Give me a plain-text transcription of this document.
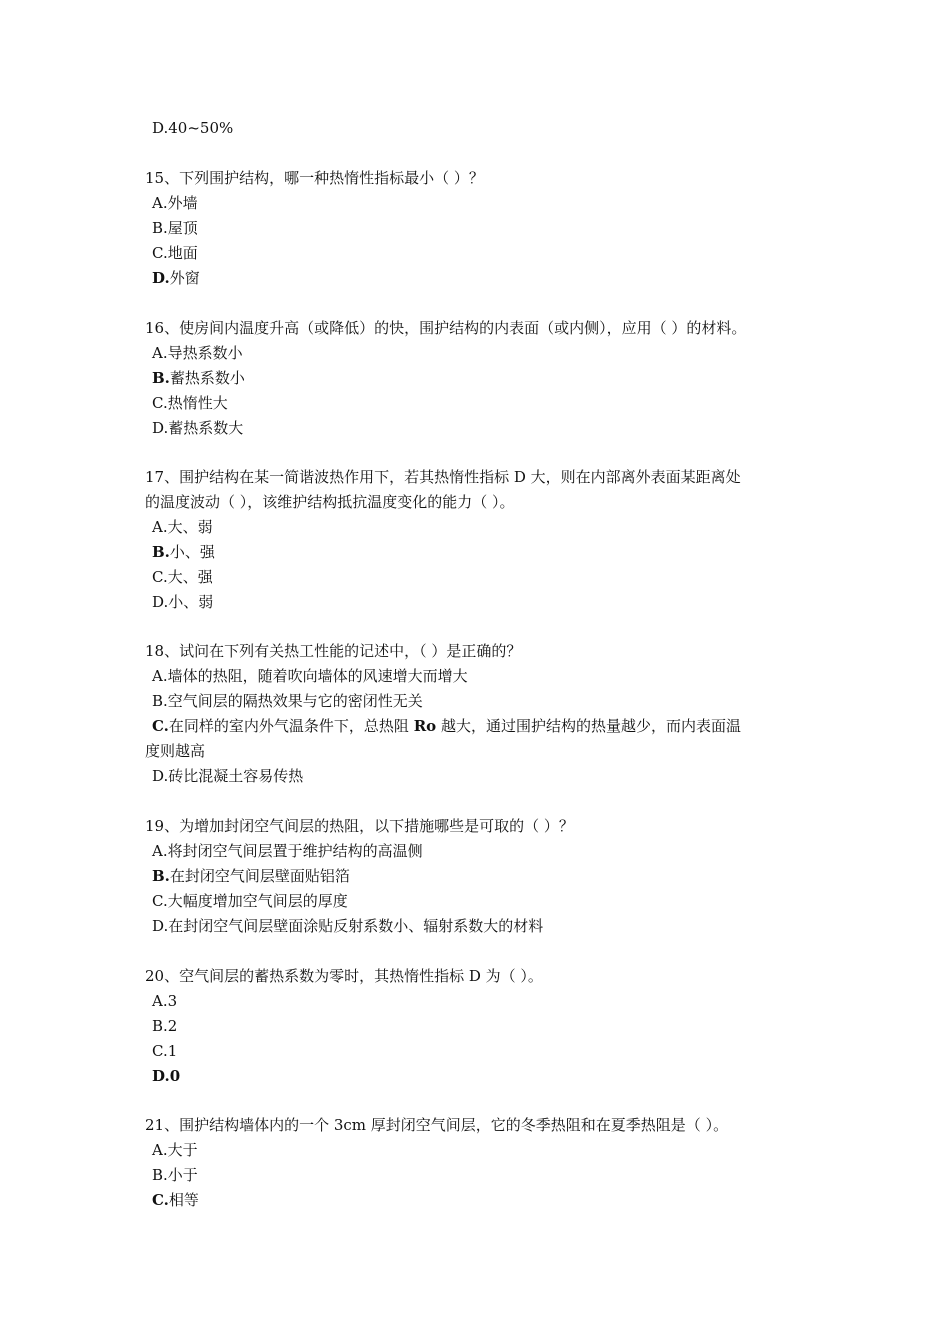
D.40~50%
15、下列围护结构，哪一种热惰性指标最小（ ）？
A.外墙
B.屋顶
C.地面
D.外窗
16、使房间内温度升高（或降低）的快，围护结构的内表面（或内侧），应用（ ）的材料。
A.导热系数小
B.蓄热系数小
C.热惰性大
D.蓄热系数大
17、围护结构在某一简谐波热作用下，若其热惰性指标 D 大，则在内部离外表面某距离处
的温度波动（ ），该维护结构抵抗温度变化的能力（ ）。
A.大、弱
B.小、强
C.大、强
D.小、弱
18、试问在下列有关热工性能的记述中，（ ）是正确的？
A.墙体的热阻，随着吹向墙体的风速增大而增大
B.空气间层的隔热效果与它的密闭性无关
C.在同样的室内外气温条件下，总热阻 Ro 越大，通过围护结构的热量越少，而内表面温
度则越高
D.砖比混凝土容易传热
19、为增加封闭空气间层的热阻，以下措施哪些是可取的（ ）？
A.将封闭空气间层置于维护结构的高温侧
B.在封闭空气间层壁面贴铝箔
C.大幅度增加空气间层的厚度
D.在封闭空气间层壁面涂贴反射系数小、辐射系数大的材料
20、空气间层的蓄热系数为零时，其热惰性指标 D 为（ ）。
A.3
B.2
C.1
D.0
21、围护结构墙体内的一个 3cm 厚封闭空气间层，它的冬季热阻和在夏季热阻是（ ）。
A.大于
B.小于
C.相等
